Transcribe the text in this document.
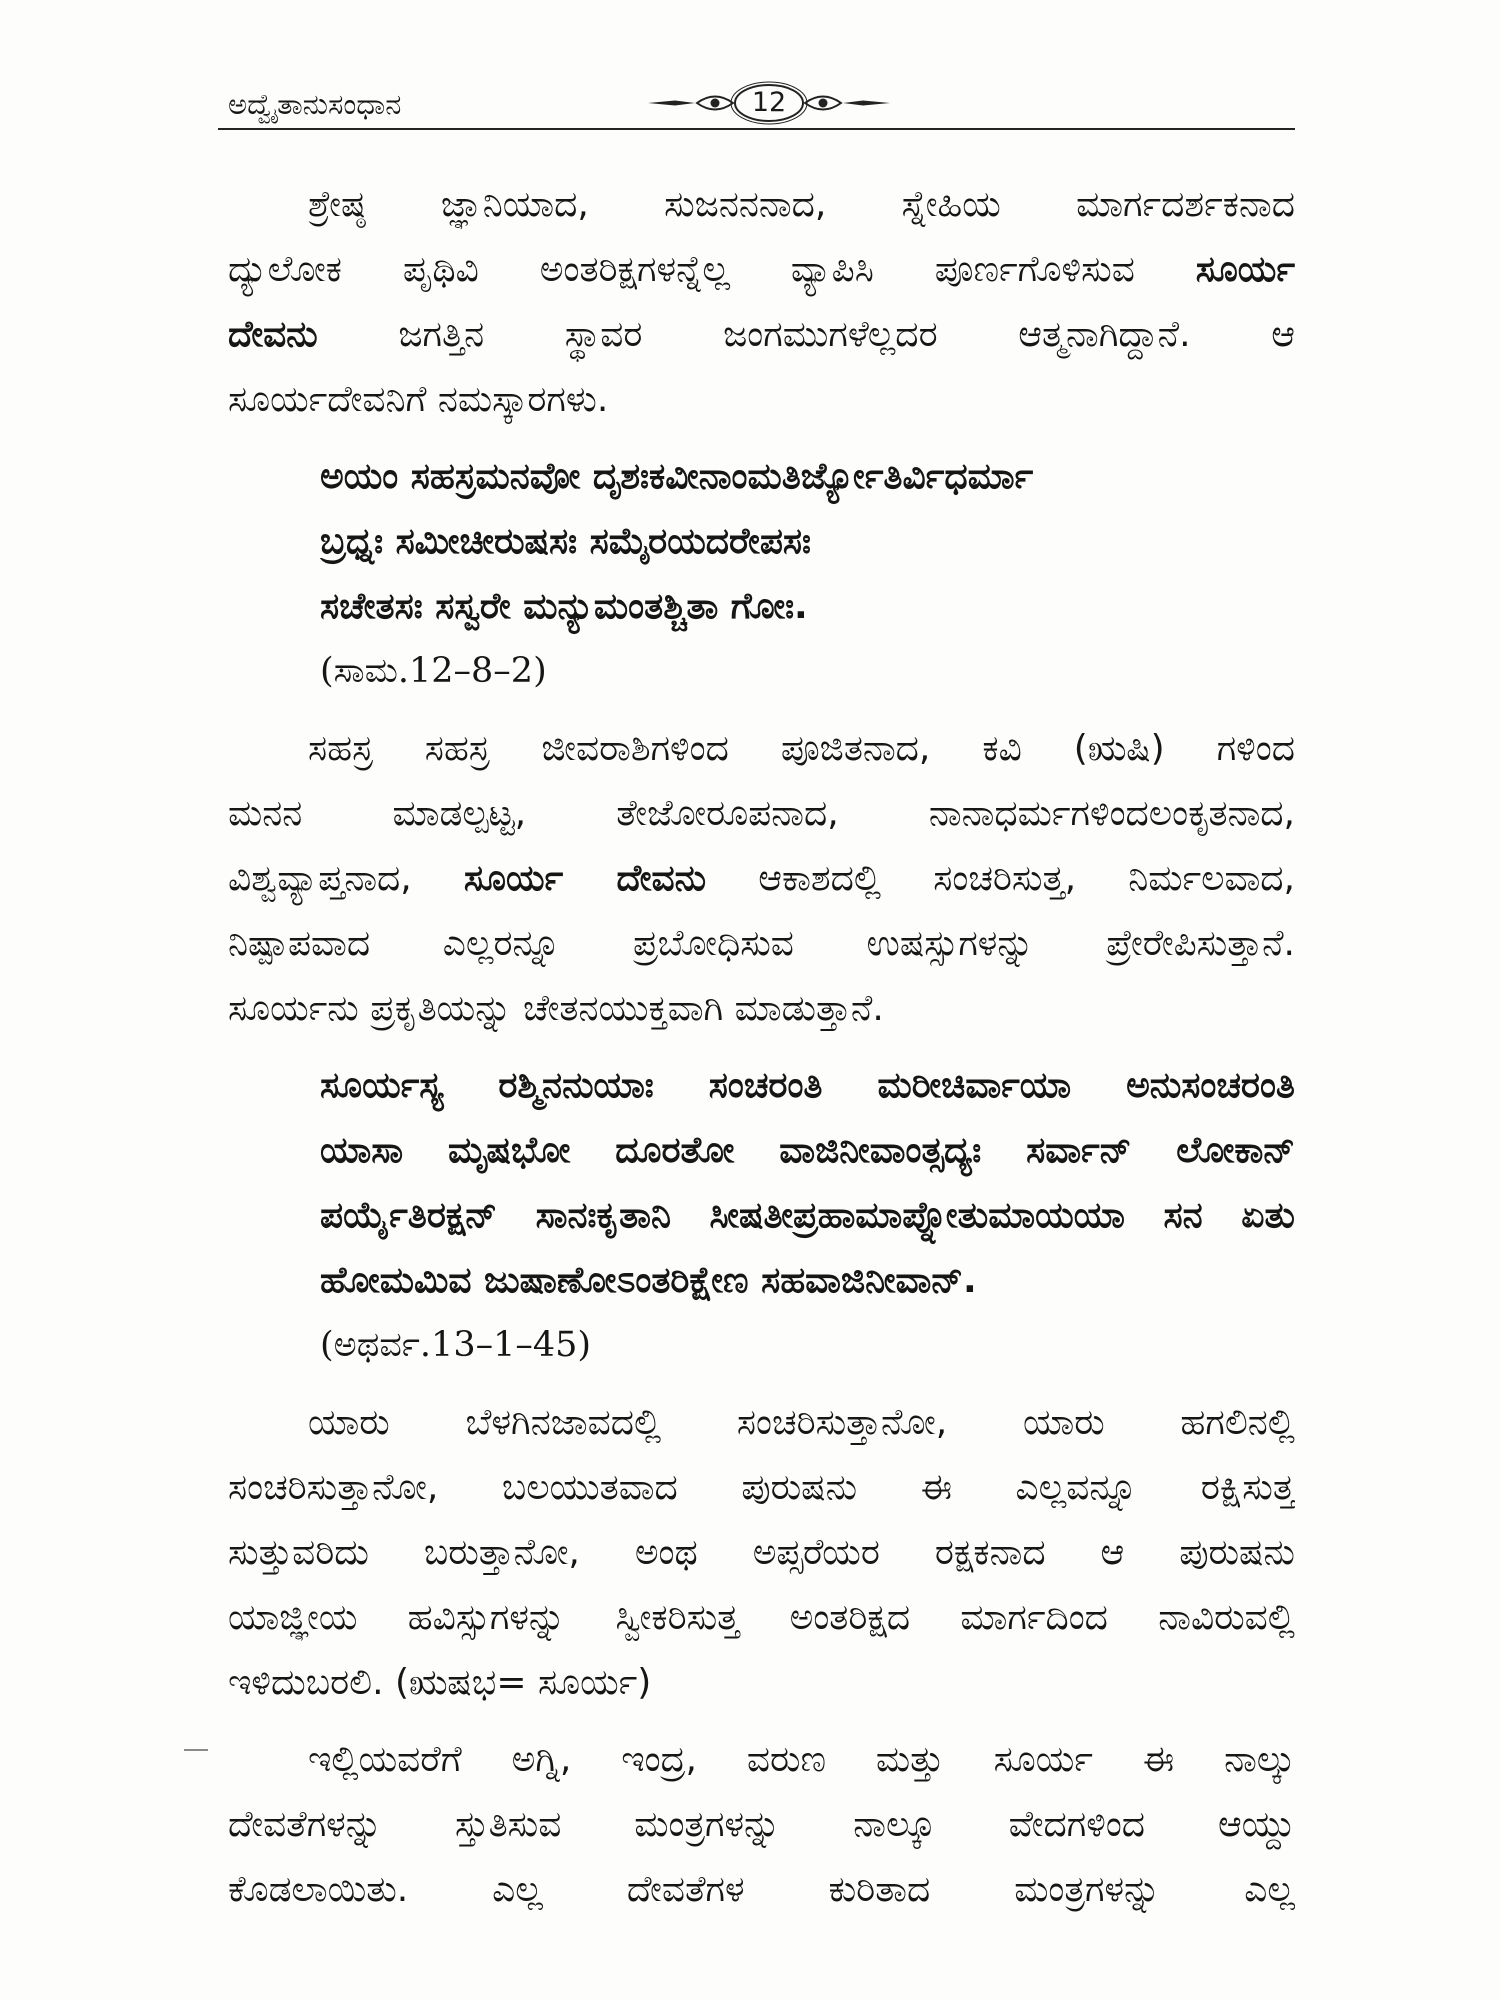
ಅದ್ವೈತಾನುಸಂಧಾನ	12
ಶ್ರೇಷ್ಠ ಜ್ಞಾನಿಯಾದ, ಸುಜನನನಾದ, ಸ್ನೇಹಿಯ ಮಾರ್ಗದರ್ಶಕನಾದ
ದ್ಯುಲೋಕ ಪೃಥಿವಿ ಅಂತರಿಕ್ಷಗಳನ್ನೆಲ್ಲ ವ್ಯಾಪಿಸಿ ಪೂರ್ಣಗೊಳಿಸುವ ಸೂರ್ಯ
ದೇವನು ಜಗತ್ತಿನ ಸ್ಥಾವರ ಜಂಗಮುಗಳೆಲ್ಲದರ ಆತ್ಮನಾಗಿದ್ದಾನೆ. ಆ
ಸೂರ್ಯದೇವನಿಗೆ ನಮಸ್ಕಾರಗಳು.
ಅಯಂ ಸಹಸ್ರಮನವೋ ದೃಶಃಕವೀನಾಂಮತಿರ್ಜ್ಯೋತಿರ್ವಿಧರ್ಮಾ
ಬ್ರಧ್ನಃ ಸಮೀಚೀರುಷಸಃ ಸಮೈರಯದರೇಪಸಃ
ಸಚೇತಸಃ ಸಸ್ವರೇ ಮನ್ಯುಮಂತಶ್ಚಿತಾ ಗೋಃ.
(ಸಾಮ.12–8–2)
ಸಹಸ್ರ ಸಹಸ್ರ ಜೀವರಾಶಿಗಳಿಂದ ಪೂಜಿತನಾದ, ಕವಿ (ಋಷಿ) ಗಳಿಂದ
ಮನನ ಮಾಡಲ್ಪಟ್ಟ, ತೇಜೋರೂಪನಾದ, ನಾನಾಧರ್ಮಗಳಿಂದಲಂಕೃತನಾದ,
ವಿಶ್ವವ್ಯಾಪ್ತನಾದ, ಸೂರ್ಯ ದೇವನು ಆಕಾಶದಲ್ಲಿ ಸಂಚರಿಸುತ್ತ, ನಿರ್ಮಲವಾದ,
ನಿಷ್ಪಾಪವಾದ ಎಲ್ಲರನ್ನೂ ಪ್ರಬೋಧಿಸುವ ಉಷಸ್ಸುಗಳನ್ನು ಪ್ರೇರೇಪಿಸುತ್ತಾನೆ.
ಸೂರ್ಯನು ಪ್ರಕೃತಿಯನ್ನು ಚೇತನಯುಕ್ತವಾಗಿ ಮಾಡುತ್ತಾನೆ.
ಸೂರ್ಯಸ್ಯ ರಶ್ಮಿನನುಯಾಃ ಸಂಚರಂತಿ ಮರೀಚಿರ್ವಾಯಾ ಅನುಸಂಚರಂತಿ
ಯಾಸಾ ಮೃಷಭೋ ದೂರತೋ ವಾಜಿನೀವಾಂತ್ಸದ್ಯಃ ಸರ್ವಾನ್ ಲೋಕಾನ್
ಪರ್ಯೈತಿರಕ್ಷನ್ ಸಾನಃಕೃತಾನಿ ಸೀಷತೀಪ್ರಹಾಮಾಪ್ನೋತುಮಾಯಯಾ ಸನ ಏತು
ಹೋಮಮಿವ ಜುಷಾಣೋಽಂತರಿಕ್ಷೇಣ ಸಹವಾಜಿನೀವಾನ್.
(ಅಥರ್ವ.13–1–45)
ಯಾರು ಬೆಳಗಿನಜಾವದಲ್ಲಿ ಸಂಚರಿಸುತ್ತಾನೋ, ಯಾರು ಹಗಲಿನಲ್ಲಿ
ಸಂಚರಿಸುತ್ತಾನೋ, ಬಲಯುತವಾದ ಪುರುಷನು ಈ ಎಲ್ಲವನ್ನೂ ರಕ್ಷಿಸುತ್ತ
ಸುತ್ತುವರಿದು ಬರುತ್ತಾನೋ, ಅಂಥ ಅಪ್ಸರೆಯರ ರಕ್ಷಕನಾದ ಆ ಪುರುಷನು
ಯಾಜ್ಞೀಯ ಹವಿಸ್ಸುಗಳನ್ನು ಸ್ವೀಕರಿಸುತ್ತ ಅಂತರಿಕ್ಷದ ಮಾರ್ಗದಿಂದ ನಾವಿರುವಲ್ಲಿ
ಇಳಿದುಬರಲಿ. (ಋಷಭ= ಸೂರ್ಯ)
ಇಲ್ಲಿಯವರೆಗೆ ಅಗ್ನಿ, ಇಂದ್ರ, ವರುಣ ಮತ್ತು ಸೂರ್ಯ ಈ ನಾಲ್ಕು
ದೇವತೆಗಳನ್ನು ಸ್ತುತಿಸುವ ಮಂತ್ರಗಳನ್ನು ನಾಲ್ಕೂ ವೇದಗಳಿಂದ ಆಯ್ದು
ಕೊಡಲಾಯಿತು. ಎಲ್ಲ ದೇವತೆಗಳ ಕುರಿತಾದ ಮಂತ್ರಗಳನ್ನು ಎಲ್ಲ
